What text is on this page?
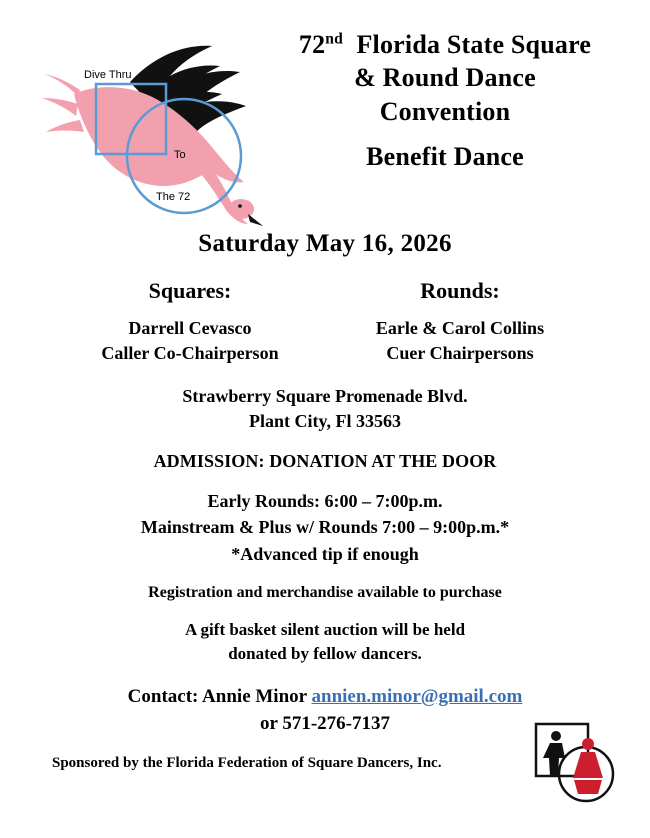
Dive Thru
To
The 72
72nd Florida State Square
& Round Dance
Convention
Benefit Dance
Saturday May 16, 2026
Squares:
Darrell Cevasco
Caller Co-Chairperson
Rounds:
Earle & Carol Collins
Cuer Chairpersons
Strawberry Square Promenade Blvd.
Plant City, Fl 33563
ADMISSION: DONATION AT THE DOOR
Early Rounds: 6:00 – 7:00p.m.
Mainstream & Plus w/ Rounds 7:00 – 9:00p.m.*
*Advanced tip if enough
Registration and merchandise available to purchase
A gift basket silent auction will be held
donated by fellow dancers.
Contact: Annie Minor annien.minor@gmail.com
or 571-276-7137
Sponsored by the Florida Federation of Square Dancers, Inc.
